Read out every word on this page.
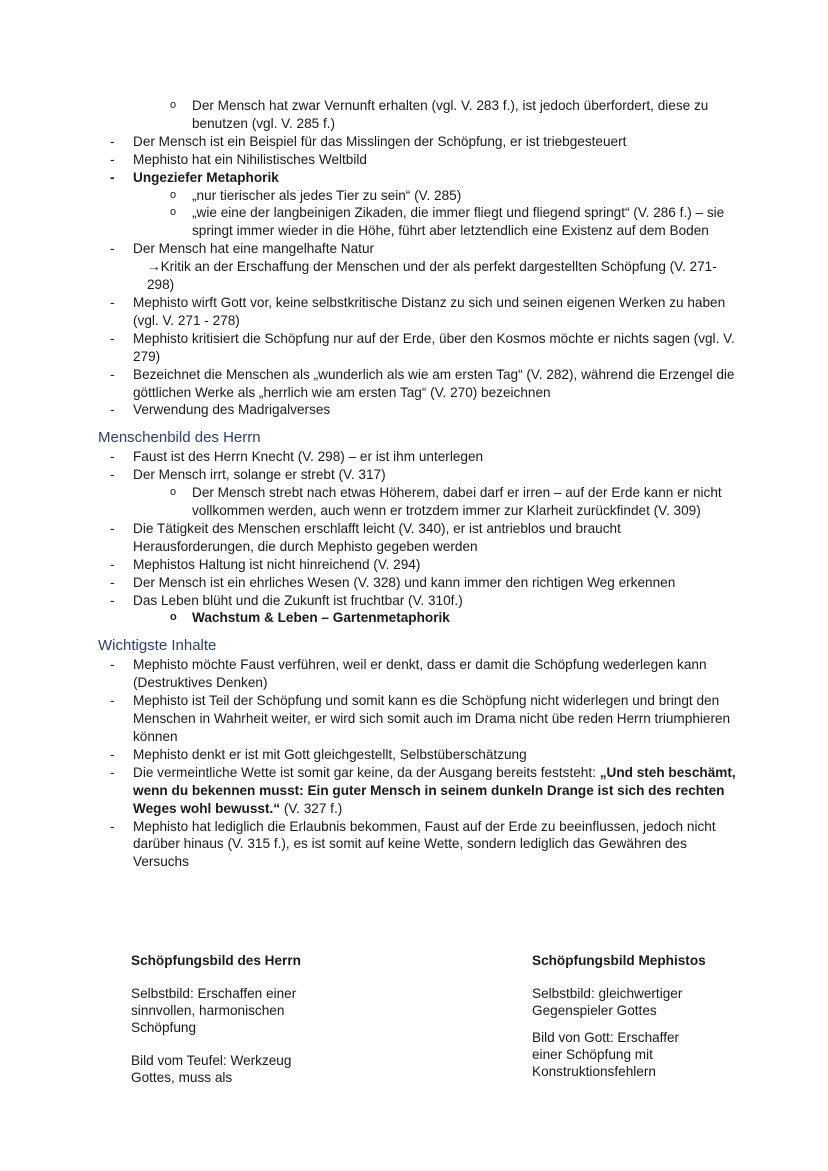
o Der Mensch hat zwar Vernunft erhalten (vgl. V. 283 f.), ist jedoch überfordert, diese zu benutzen (vgl. V. 285 f.)
- Der Mensch ist ein Beispiel für das Misslingen der Schöpfung, er ist triebgesteuert
- Mephisto hat ein Nihilistisches Weltbild
- Ungeziefer Metaphorik
o „nur tierischer als jedes Tier zu sein“ (V. 285)
o „wie eine der langbeinigen Zikaden, die immer fliegt und fliegend springt“ (V. 286 f.) – sie springt immer wieder in die Höhe, führt aber letztendlich eine Existenz auf dem Boden
- Der Mensch hat eine mangelhafte Natur
→Kritik an der Erschaffung der Menschen und der als perfekt dargestellten Schöpfung (V. 271-298)
- Mephisto wirft Gott vor, keine selbstkritische Distanz zu sich und seinen eigenen Werken zu haben (vgl. V. 271 - 278)
- Mephisto kritisiert die Schöpfung nur auf der Erde, über den Kosmos möchte er nichts sagen (vgl. V. 279)
- Bezeichnet die Menschen als „wunderlich als wie am ersten Tag“ (V. 282), während die Erzengel die göttlichen Werke als „herrlich wie am ersten Tag“ (V. 270) bezeichnen
- Verwendung des Madrigalverses
Menschenbild des Herrn
- Faust ist des Herrn Knecht (V. 298) – er ist ihm unterlegen
- Der Mensch irrt, solange er strebt (V. 317)
o Der Mensch strebt nach etwas Höherem, dabei darf er irren – auf der Erde kann er nicht vollkommen werden, auch wenn er trotzdem immer zur Klarheit zurückfindet (V. 309)
- Die Tätigkeit des Menschen erschlafft leicht (V. 340), er ist antrieblos und braucht Herausforderungen, die durch Mephisto gegeben werden
- Mephistos Haltung ist nicht hinreichend (V. 294)
- Der Mensch ist ein ehrliches Wesen (V. 328) und kann immer den richtigen Weg erkennen
- Das Leben blüht und die Zukunft ist fruchtbar (V. 310f.)
o Wachstum & Leben – Gartenmetaphorik
Wichtigste Inhalte
- Mephisto möchte Faust verführen, weil er denkt, dass er damit die Schöpfung wederlegen kann (Destruktives Denken)
- Mephisto ist Teil der Schöpfung und somit kann es die Schöpfung nicht widerlegen und bringt den Menschen in Wahrheit weiter, er wird sich somit auch im Drama nicht übe reden Herrn triumphieren können
- Mephisto denkt er ist mit Gott gleichgestellt, Selbstüberschätzung
- Die vermeintliche Wette ist somit gar keine, da der Ausgang bereits feststeht: „Und steh beschämt, wenn du bekennen musst: Ein guter Mensch in seinem dunkeln Drange ist sich des rechten Weges wohl bewusst.“ (V. 327 f.)
- Mephisto hat lediglich die Erlaubnis bekommen, Faust auf der Erde zu beeinflussen, jedoch nicht darüber hinaus (V. 315 f.), es ist somit auf keine Wette, sondern lediglich das Gewähren des Versuchs
Schöpfungsbild des Herrn

Selbstbild: Erschaffen einer sinnvollen, harmonischen Schöpfung

Bild vom Teufel: Werkzeug Gottes, muss als

Schöpfungsbild Mephistos

Selbstbild: gleichwertiger Gegenspieler Gottes

Bild von Gott: Erschaffer einer Schöpfung mit Konstruktionsfehlern
